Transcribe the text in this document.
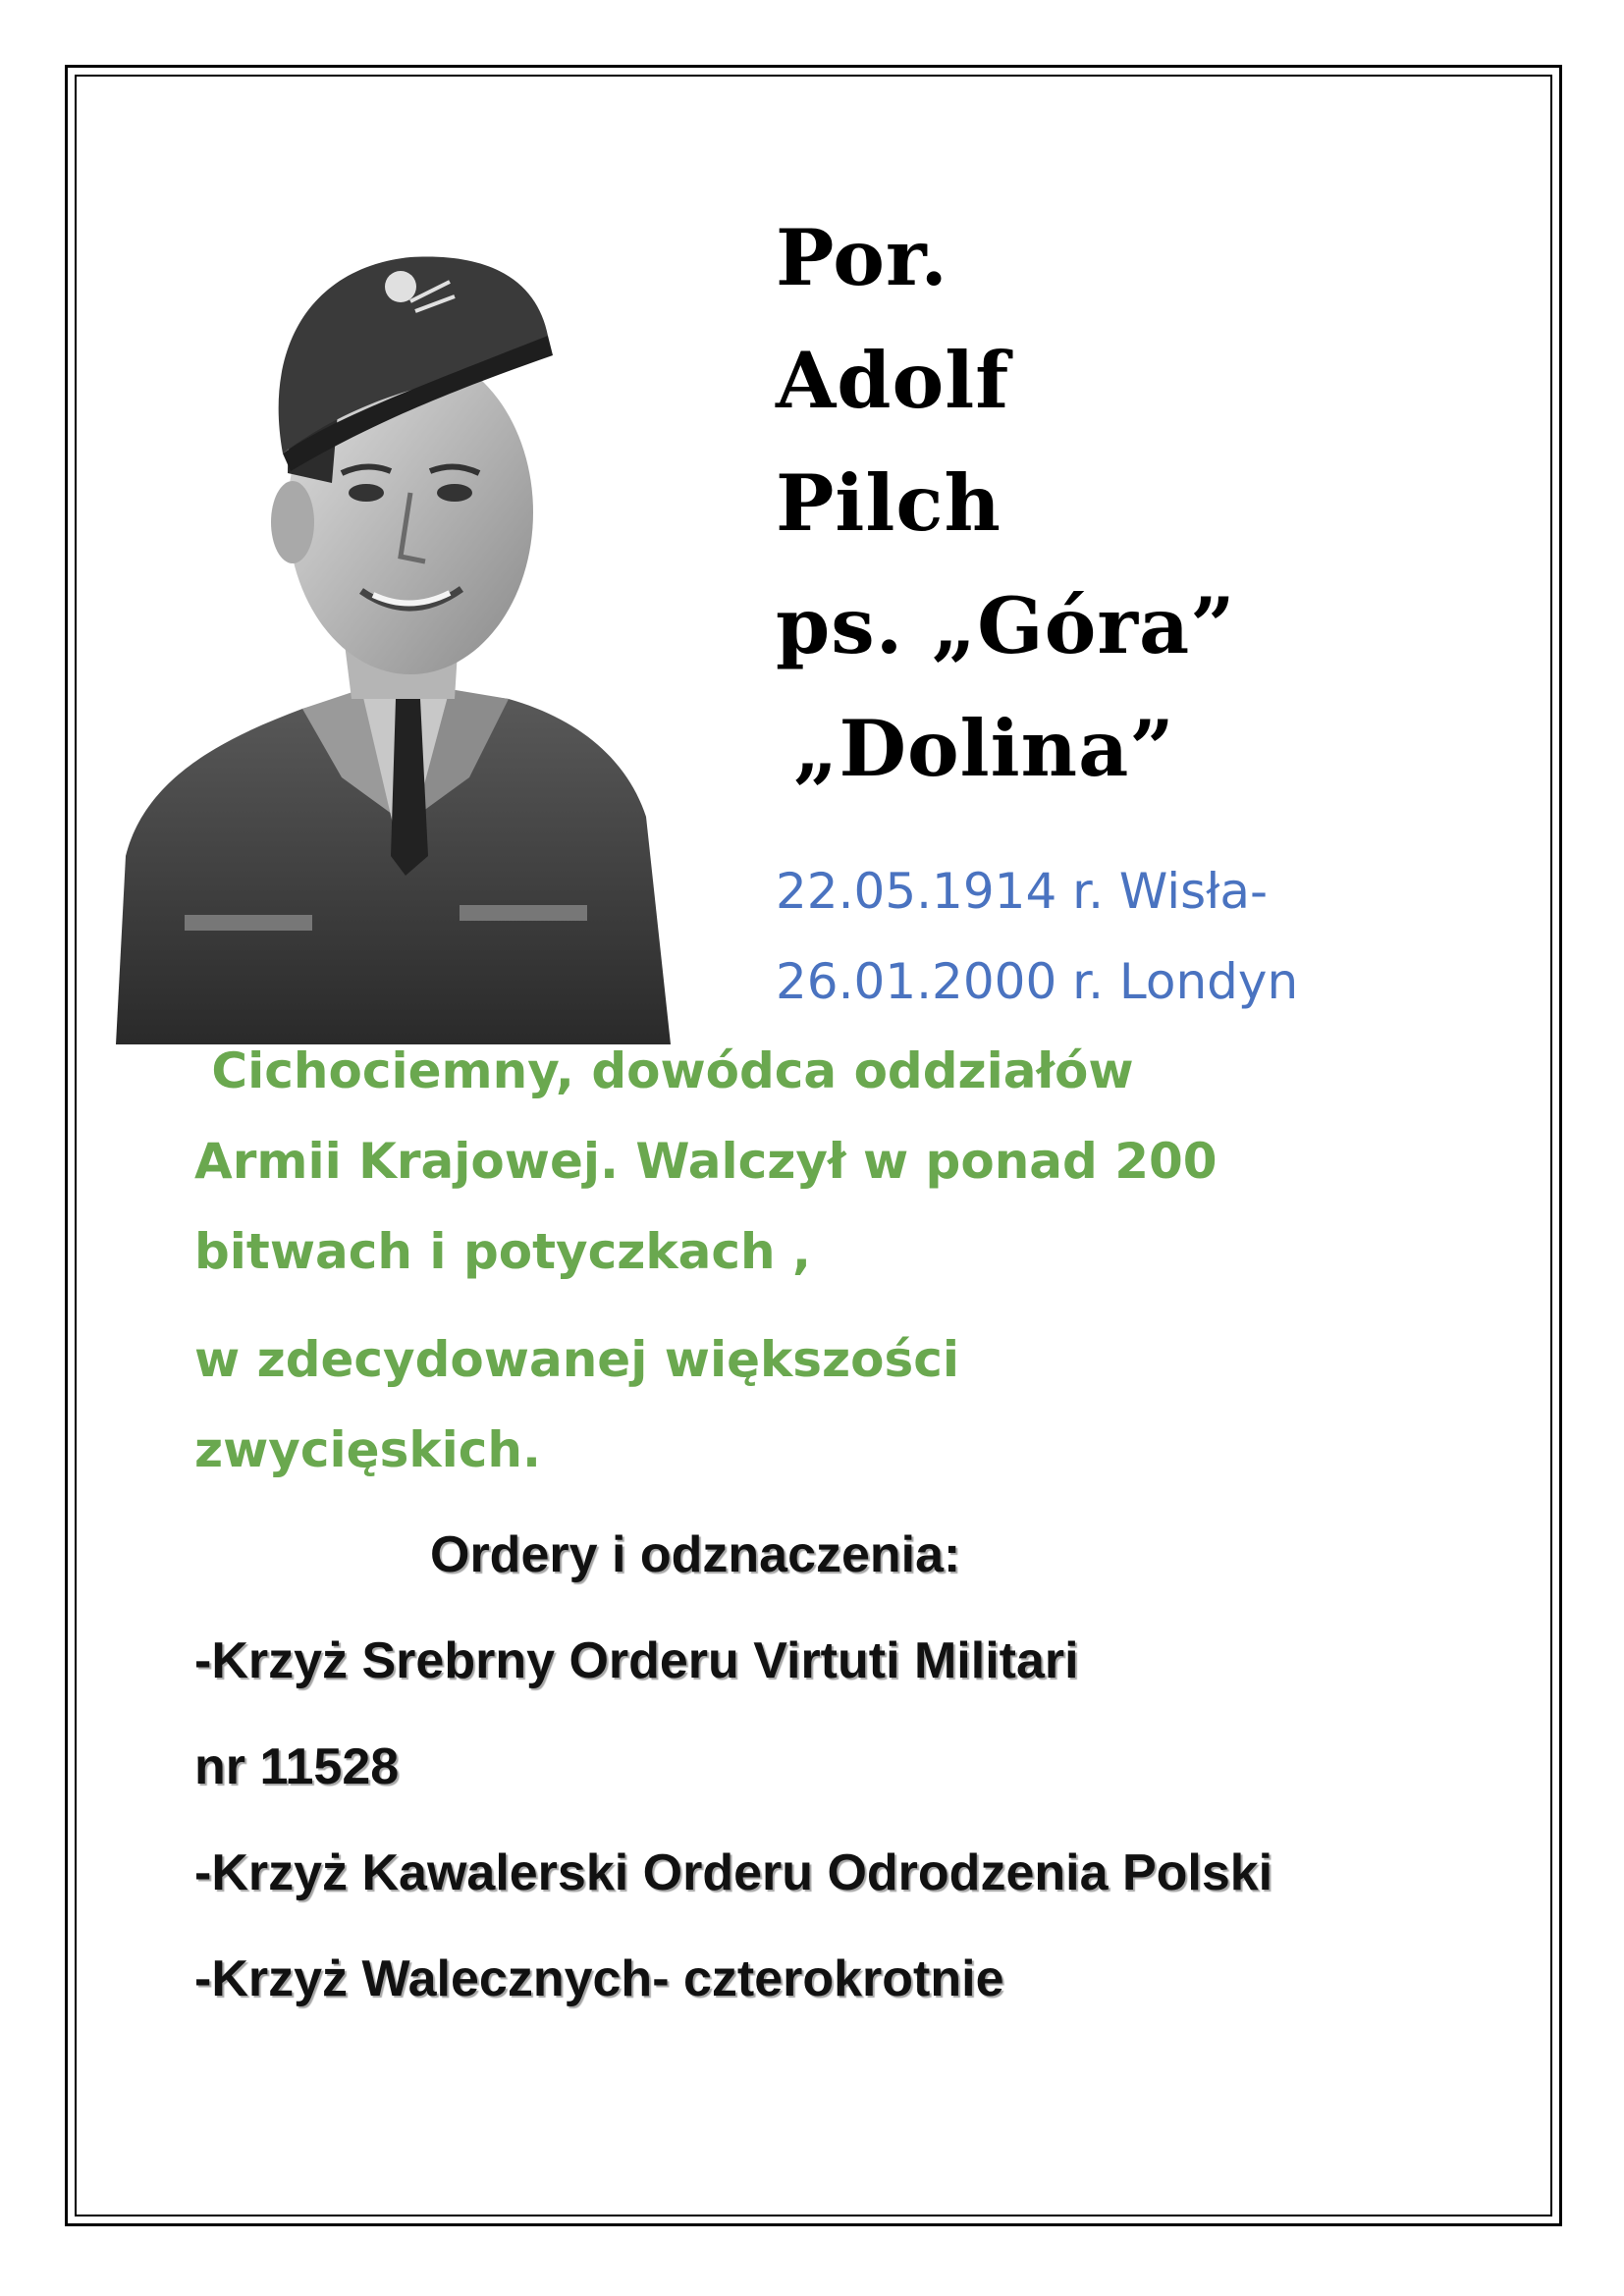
Por.
Adolf
Pilch
ps. „Góra”
„Dolina”
22.05.1914 r. Wisła-
26.01.2000 r. Londyn
Cichociemny, dowódca oddziałów
Armii Krajowej. Walczył w ponad 200
bitwach i potyczkach ,
w zdecydowanej większości
zwycięskich.
Ordery i odznaczenia:
-Krzyż Srebrny Orderu Virtuti Militari
nr 11528
-Krzyż Kawalerski Orderu Odrodzenia Polski
-Krzyż Walecznych- czterokrotnie
